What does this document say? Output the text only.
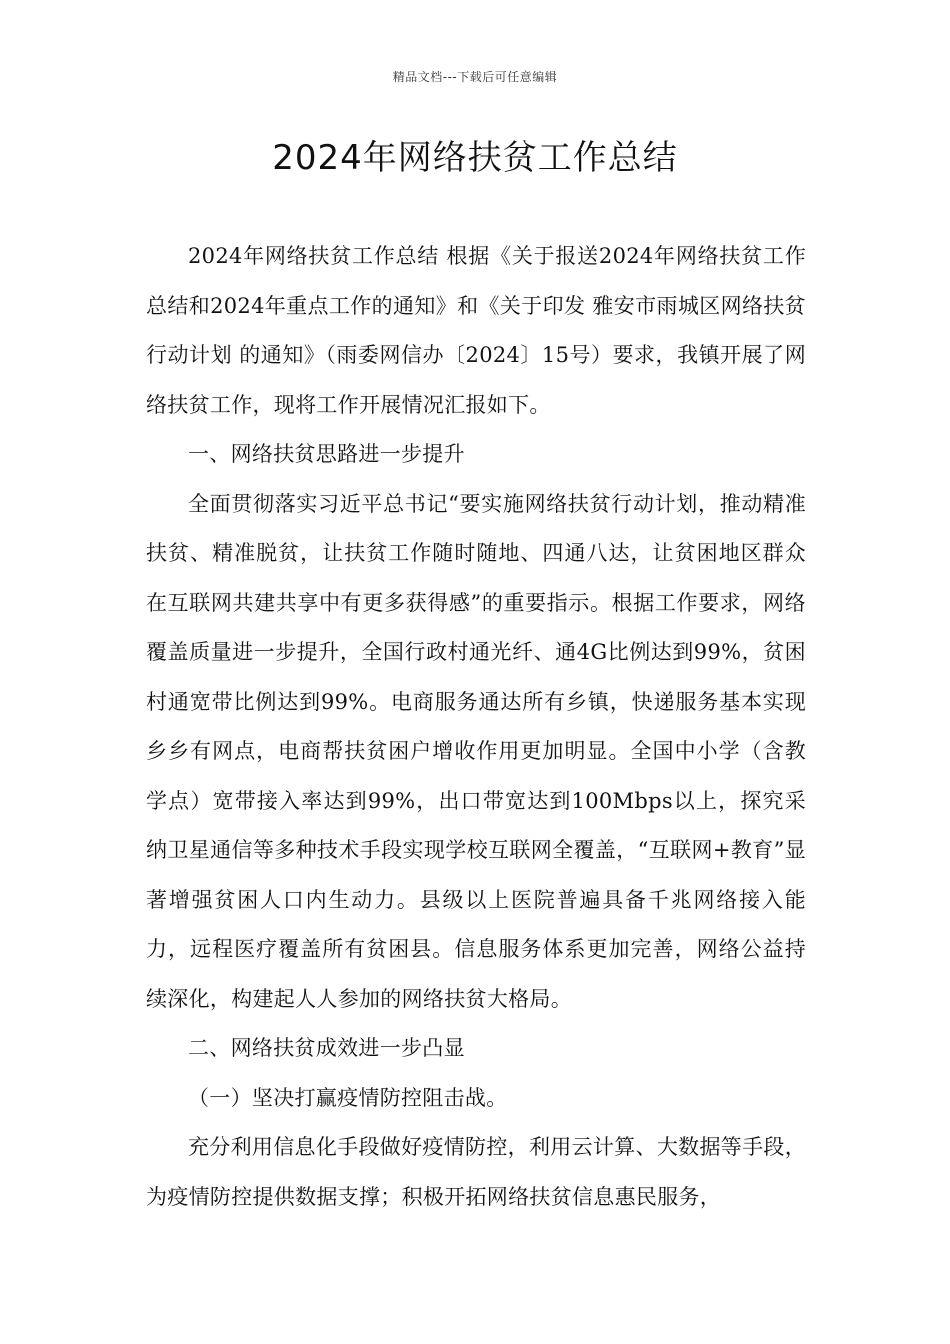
精品文档---下载后可任意编辑
2024年网络扶贫工作总结

2024年网络扶贫工作总结 根据《关于报送2024年网络扶贫工作总结和2024年重点工作的通知》和《关于印发 雅安市雨城区网络扶贫行动计划 的通知》（雨委网信办〔2024〕15号）要求，我镇开展了网络扶贫工作，现将工作开展情况汇报如下。

一、网络扶贫思路进一步提升

全面贯彻落实习近平总书记“要实施网络扶贫行动计划，推动精准扶贫、精准脱贫，让扶贫工作随时随地、四通八达，让贫困地区群众在互联网共建共享中有更多获得感”的重要指示。根据工作要求，网络覆盖质量进一步提升，全国行政村通光纤、通4G比例达到99%，贫困村通宽带比例达到99%。电商服务通达所有乡镇，快递服务基本实现乡乡有网点，电商帮扶贫困户增收作用更加明显。全国中小学（含教学点）宽带接入率达到99%，出口带宽达到100Mbps以上，探究采纳卫星通信等多种技术手段实现学校互联网全覆盖，“互联网+教育”显著增强贫困人口内生动力。县级以上医院普遍具备千兆网络接入能力，远程医疗覆盖所有贫困县。信息服务体系更加完善，网络公益持续深化，构建起人人参加的网络扶贫大格局。

二、网络扶贫成效进一步凸显

（一）坚决打赢疫情防控阻击战。

充分利用信息化手段做好疫情防控，利用云计算、大数据等手段，为疫情防控提供数据支撑；积极开拓网络扶贫信息惠民服务，
